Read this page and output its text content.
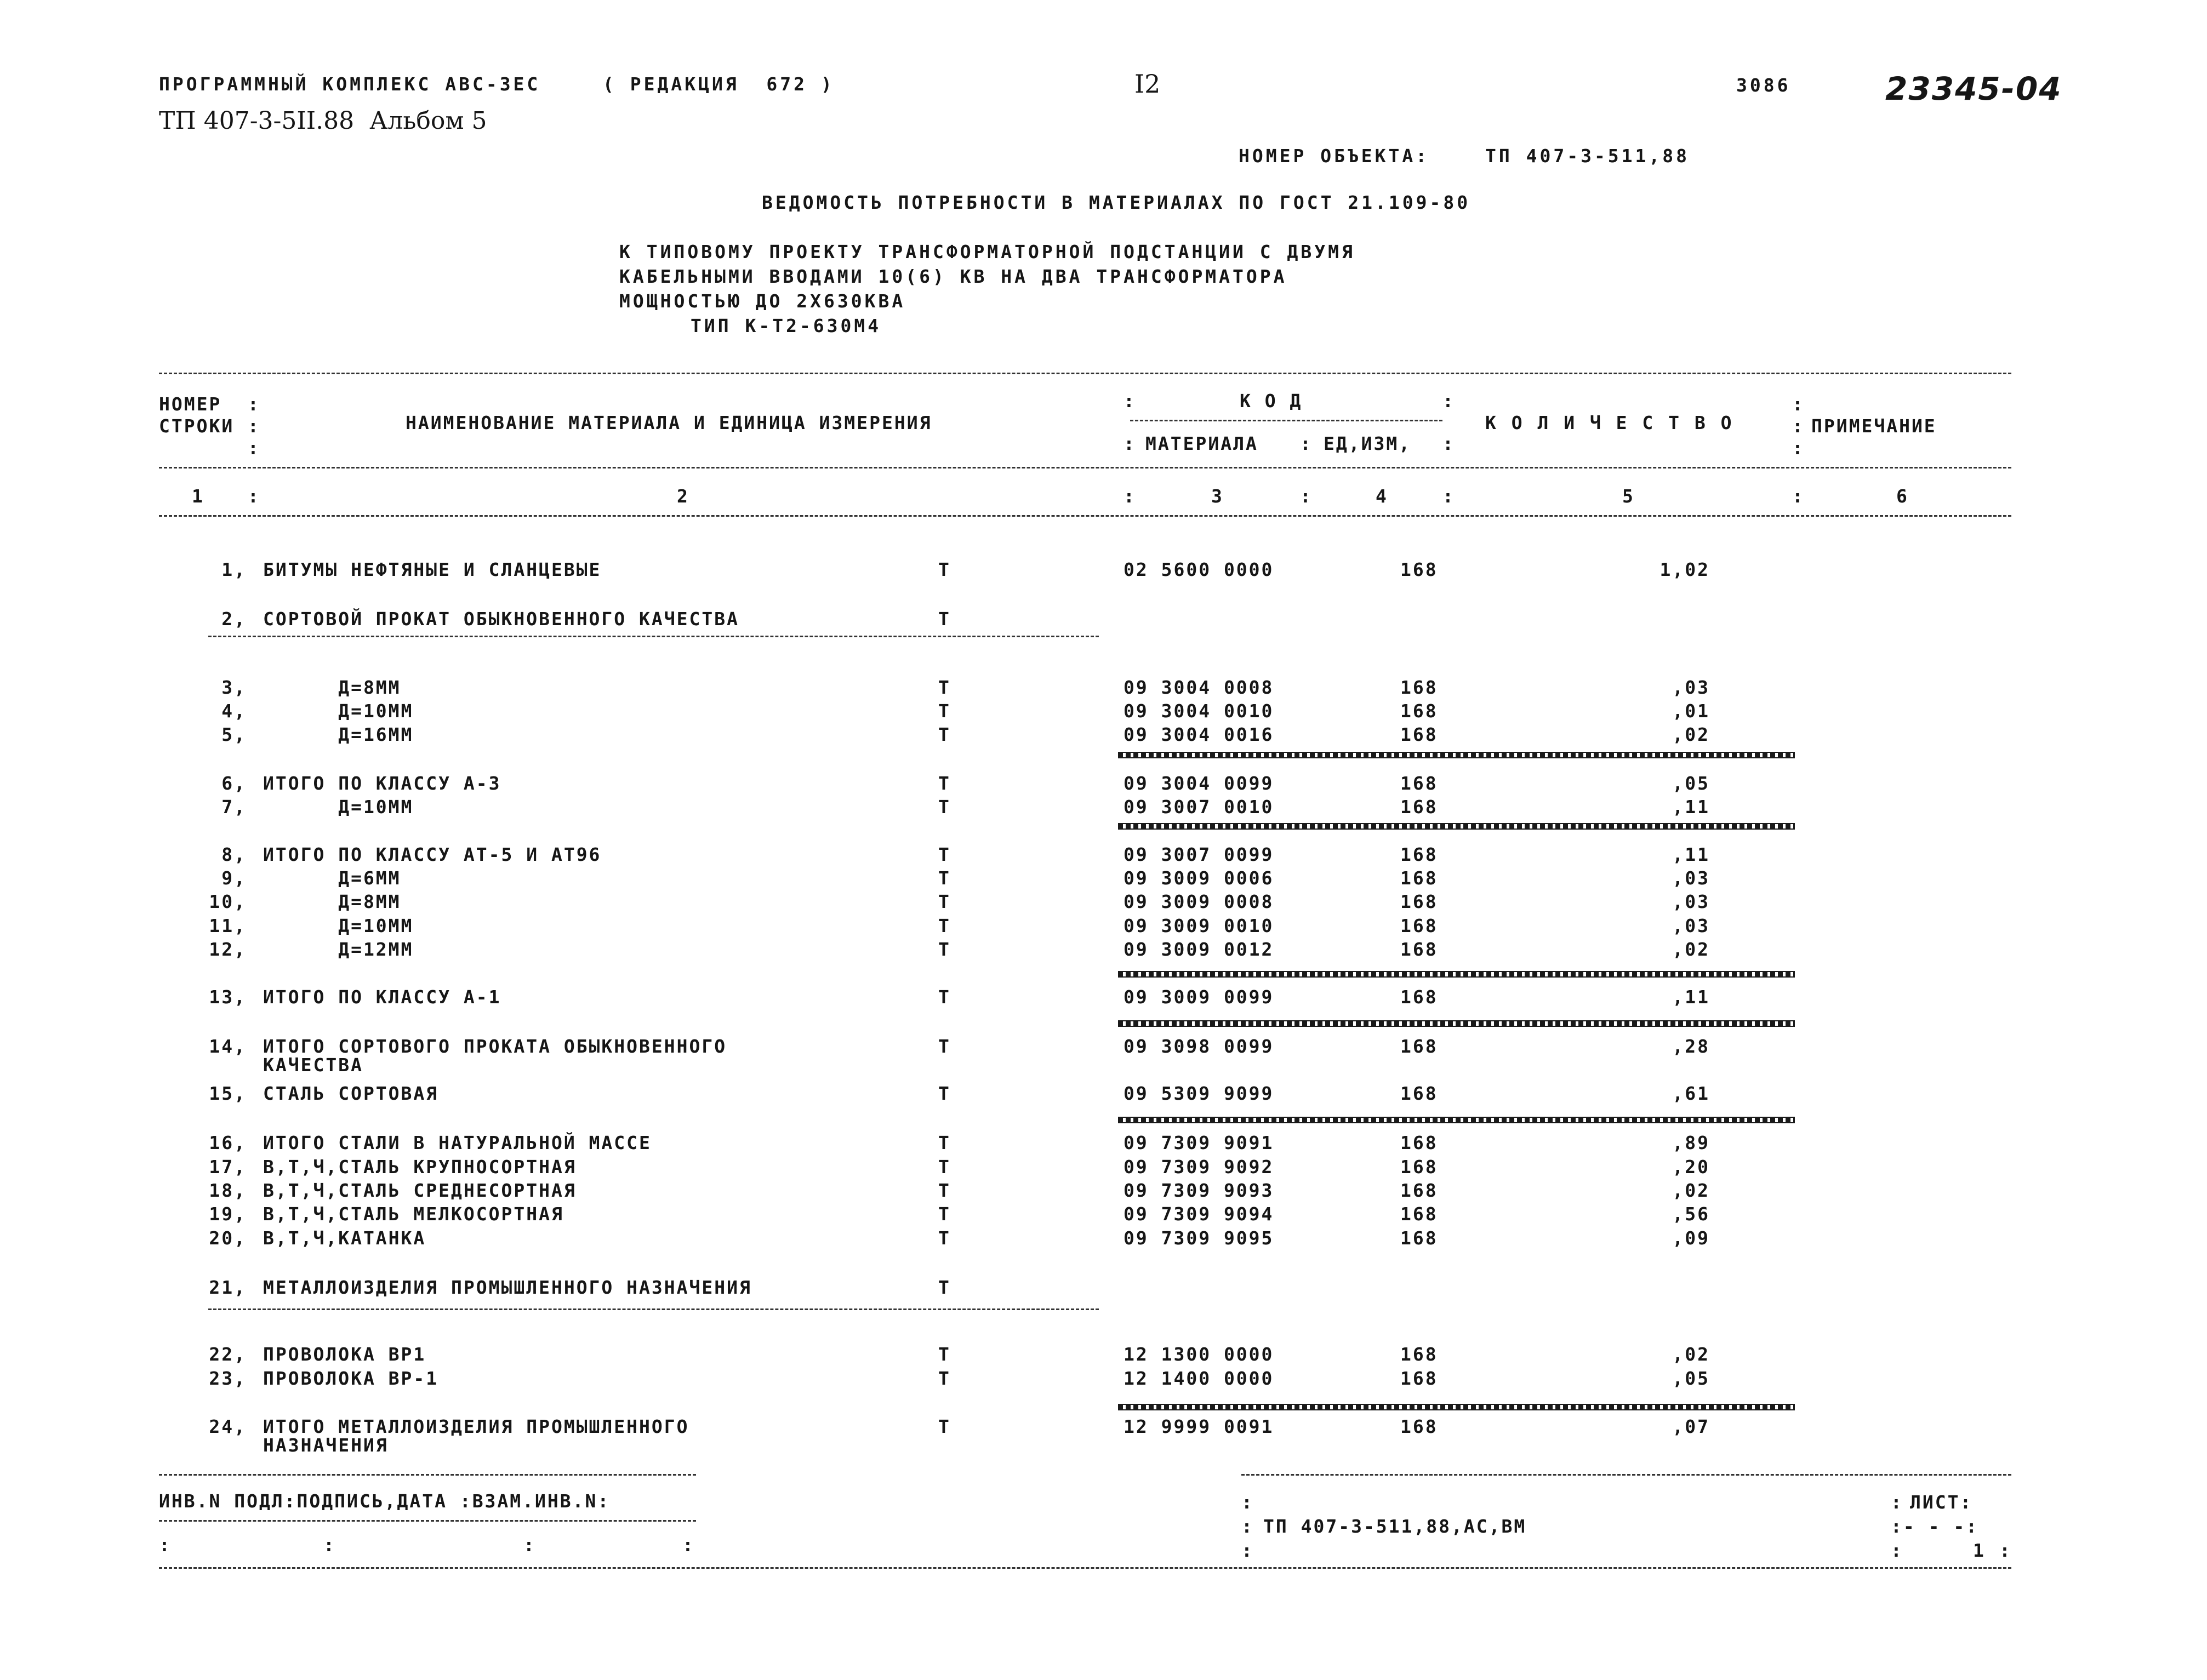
ПРОГРАММНЫЙ КОМПЛЕКС АВС-ЗЕС	( РЕДАКЦИЯ  672 )	I2	3086	23345-04
ТП 407-3-5II.88  Альбом 5
НОМЕР ОБЪЕКТА:	ТП 407-3-511,88
ВЕДОМОСТЬ ПОТРЕБНОСТИ В МАТЕРИАЛАХ ПО ГОСТ 21.109-80
К ТИПОВОМУ ПРОЕКТУ ТРАНСФОРМАТОРНОЙ ПОДСТАНЦИИ С ДВУМЯ
КАБЕЛЬНЫМИ ВВОДАМИ 10(6) КВ НА ДВА ТРАНСФОРМАТОРА
МОЩНОСТЬЮ ДО 2Х630КВА
ТИП К-Т2-630М4
НОМЕР :
СТРОКИ :
:
НАИМЕНОВАНИЕ МАТЕРИАЛА И ЕДИНИЦА ИЗМЕРЕНИЯ
:	К О Д	:
: МАТЕРИАЛА : ЕД,ИЗМ, :
К О Л И Ч Е С Т В О
:
: ПРИМЕЧАНИЕ
:
1 :	2	:	3	:	4	:	5	:	6
1, БИТУМЫ НЕФТЯНЫЕ И СЛАНЦЕВЫЕ	Т	02 5600 0000	168	1,02
2, СОРТОВОЙ ПРОКАТ ОБЫКНОВЕННОГО КАЧЕСТВА	Т
3, Д=8ММ	Т	09 3004 0008	168	,03
4, Д=10ММ	Т	09 3004 0010	168	,01
5, Д=16ММ	Т	09 3004 0016	168	,02
6, ИТОГО ПО КЛАССУ А-3	Т	09 3004 0099	168	,05
7, Д=10ММ	Т	09 3007 0010	168	,11
8, ИТОГО ПО КЛАССУ АТ-5 И АТ96	Т	09 3007 0099	168	,11
9, Д=6ММ	Т	09 3009 0006	168	,03
10, Д=8ММ	Т	09 3009 0008	168	,03
11, Д=10ММ	Т	09 3009 0010	168	,03
12, Д=12ММ	Т	09 3009 0012	168	,02
13, ИТОГО ПО КЛАССУ А-1	Т	09 3009 0099	168	,11
14, ИТОГО СОРТОВОГО ПРОКАТА ОБЫКНОВЕННОГО
КАЧЕСТВА
Т	09 3098 0099	168	,28
15, СТАЛЬ СОРТОВАЯ	Т	09 5309 9099	168	,61
16, ИТОГО СТАЛИ В НАТУРАЛЬНОЙ МАССЕ	Т	09 7309 9091	168	,89
17, В,Т,Ч,СТАЛЬ КРУПНОСОРТНАЯ	Т	09 7309 9092	168	,20
18, В,Т,Ч,СТАЛЬ СРЕДНЕСОРТНАЯ	Т	09 7309 9093	168	,02
19, В,Т,Ч,СТАЛЬ МЕЛКОСОРТНАЯ	Т	09 7309 9094	168	,56
20, В,Т,Ч,КАТАНКА	Т	09 7309 9095	168	,09
21, МЕТАЛЛОИЗДЕЛИЯ ПРОМЫШЛЕННОГО НАЗНАЧЕНИЯ	Т
22, ПРОВОЛОКА ВР1	Т	12 1300 0000	168	,02
23, ПРОВОЛОКА ВР-1	Т	12 1400 0000	168	,05
24, ИТОГО МЕТАЛЛОИЗДЕЛИЯ ПРОМЫШЛЕННОГО
НАЗНАЧЕНИЯ
Т	12 9999 0091	168	,07
ИНВ.N ПОДЛ:ПОДПИСЬ,ДАТА :ВЗАМ.ИНВ.N:
:	:	:	:
:
: ТП 407-3-511,88,АС,ВМ
:
: ЛИСТ:
:- - -:
:	1 :
